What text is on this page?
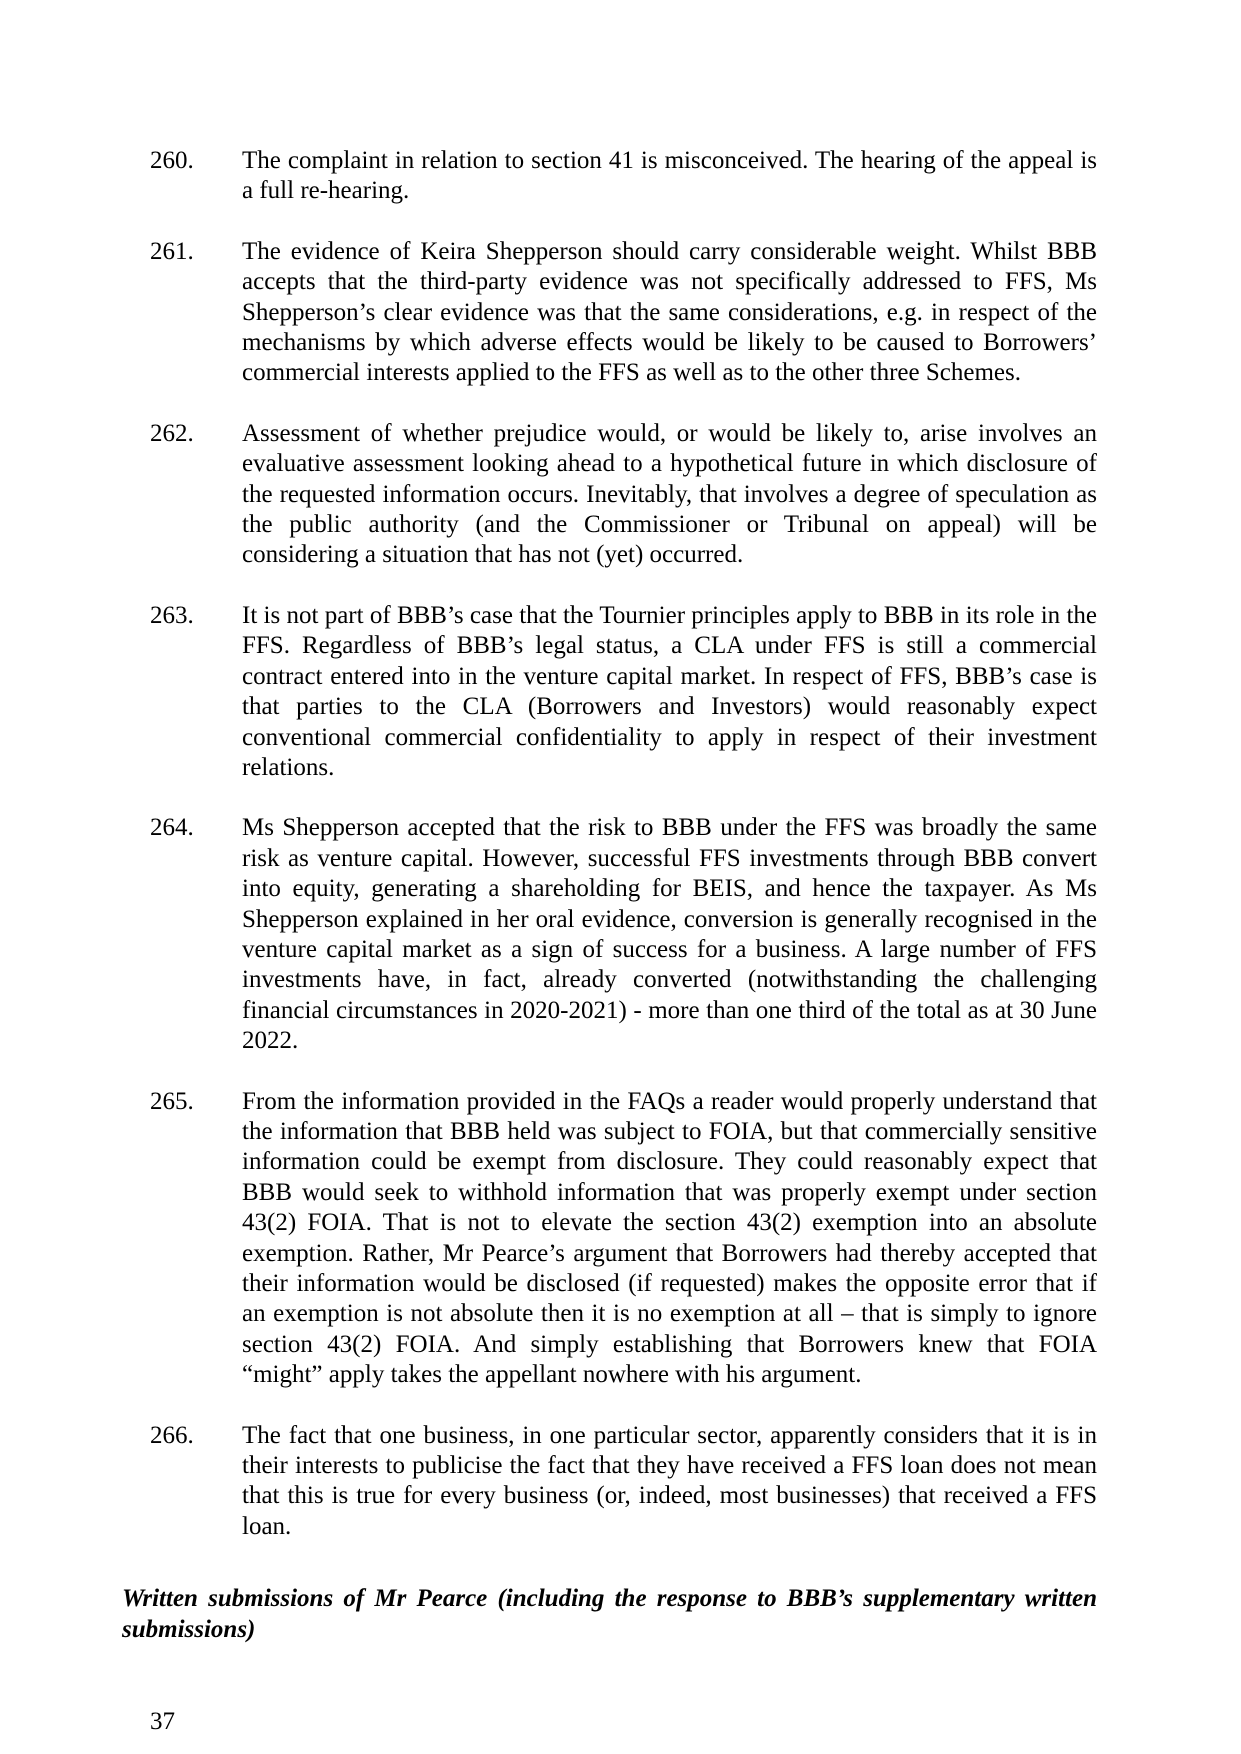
260. The complaint in relation to section 41 is misconceived. The hearing of the appeal is a full re-hearing.
261. The evidence of Keira Shepperson should carry considerable weight. Whilst BBB accepts that the third-party evidence was not specifically addressed to FFS, Ms Shepperson’s clear evidence was that the same considerations, e.g. in respect of the mechanisms by which adverse effects would be likely to be caused to Borrowers’ commercial interests applied to the FFS as well as to the other three Schemes.
262. Assessment of whether prejudice would, or would be likely to, arise involves an evaluative assessment looking ahead to a hypothetical future in which disclosure of the requested information occurs. Inevitably, that involves a degree of speculation as the public authority (and the Commissioner or Tribunal on appeal) will be considering a situation that has not (yet) occurred.
263. It is not part of BBB’s case that the Tournier principles apply to BBB in its role in the FFS. Regardless of BBB’s legal status, a CLA under FFS is still a commercial contract entered into in the venture capital market. In respect of FFS, BBB’s case is that parties to the CLA (Borrowers and Investors) would reasonably expect conventional commercial confidentiality to apply in respect of their investment relations.
264. Ms Shepperson accepted that the risk to BBB under the FFS was broadly the same risk as venture capital. However, successful FFS investments through BBB convert into equity, generating a shareholding for BEIS, and hence the taxpayer. As Ms Shepperson explained in her oral evidence, conversion is generally recognised in the venture capital market as a sign of success for a business. A large number of FFS investments have, in fact, already converted (notwithstanding the challenging financial circumstances in 2020-2021) - more than one third of the total as at 30 June 2022.
265. From the information provided in the FAQs a reader would properly understand that the information that BBB held was subject to FOIA, but that commercially sensitive information could be exempt from disclosure. They could reasonably expect that BBB would seek to withhold information that was properly exempt under section 43(2) FOIA. That is not to elevate the section 43(2) exemption into an absolute exemption. Rather, Mr Pearce’s argument that Borrowers had thereby accepted that their information would be disclosed (if requested) makes the opposite error that if an exemption is not absolute then it is no exemption at all – that is simply to ignore section 43(2) FOIA. And simply establishing that Borrowers knew that FOIA “might” apply takes the appellant nowhere with his argument.
266. The fact that one business, in one particular sector, apparently considers that it is in their interests to publicise the fact that they have received a FFS loan does not mean that this is true for every business (or, indeed, most businesses) that received a FFS loan.
Written submissions of Mr Pearce (including the response to BBB’s supplementary written submissions)
37
